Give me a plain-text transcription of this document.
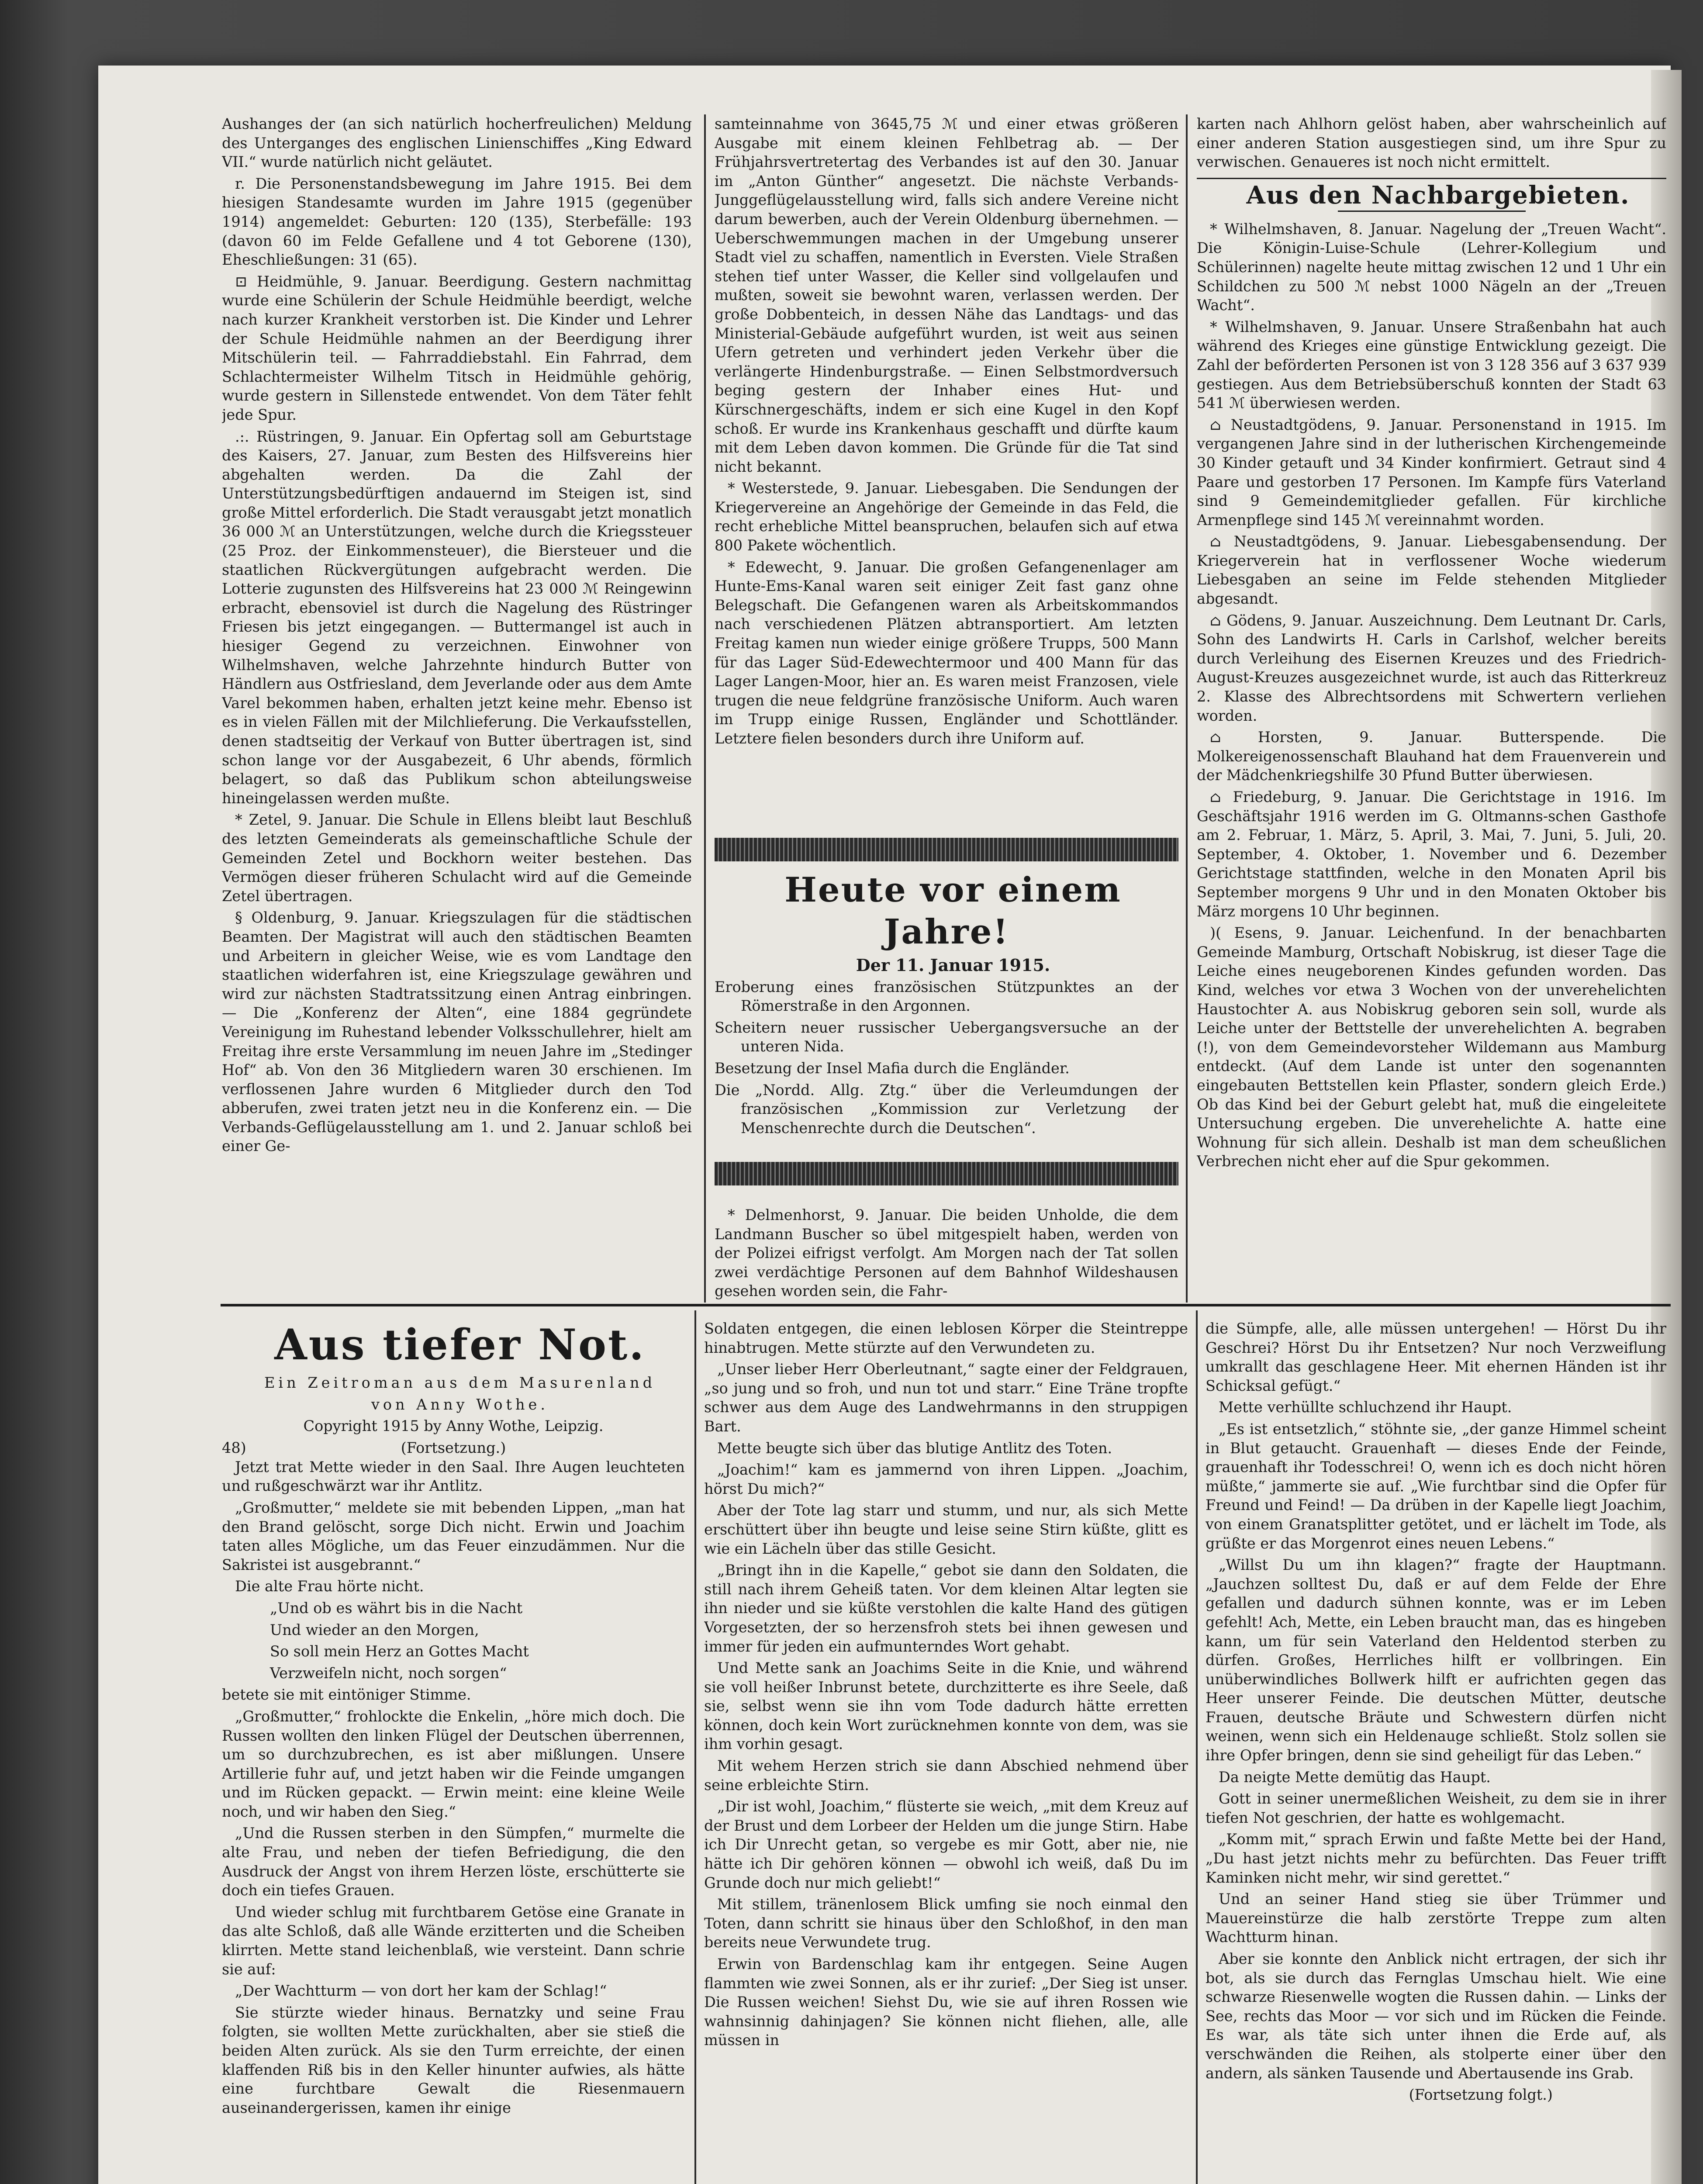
Aushanges der (an sich natürlich hocherfreulichen) Meldung des Unterganges des englischen Linienschiffes „King Edward VII.“ wurde natürlich nicht geläutet.

r. Die Personenstandsbewegung im Jahre 1915. Bei dem hiesigen Standesamte wurden im Jahre 1915 (gegenüber 1914) angemeldet: Geburten: 120 (135), Sterbefälle: 193 (davon 60 im Felde Gefallene und 4 tot Geborene (130), Eheschließungen: 31 (65).

⊡ Heidmühle, 9. Januar. Beerdigung. Gestern nachmittag wurde eine Schülerin der Schule Heidmühle beerdigt, welche nach kurzer Krankheit verstorben ist. Die Kinder und Lehrer der Schule Heidmühle nahmen an der Beerdigung ihrer Mitschülerin teil. — Fahrraddiebstahl. Ein Fahrrad, dem Schlachtermeister Wilhelm Titsch in Heidmühle gehörig, wurde gestern in Sillenstede entwendet. Von dem Täter fehlt jede Spur.

.:. Rüstringen, 9. Januar. Ein Opfertag soll am Geburtstage des Kaisers, 27. Januar, zum Besten des Hilfsvereins hier abgehalten werden. Da die Zahl der Unterstützungsbedürftigen andauernd im Steigen ist, sind große Mittel erforderlich. Die Stadt verausgabt jetzt monatlich 36 000 ℳ an Unterstützungen, welche durch die Kriegssteuer (25 Proz. der Einkommensteuer), die Biersteuer und die staatlichen Rückvergütungen aufgebracht werden. Die Lotterie zugunsten des Hilfsvereins hat 23 000 ℳ Reingewinn erbracht, ebensoviel ist durch die Nagelung des Rüstringer Friesen bis jetzt eingegangen. — Buttermangel ist auch in hiesiger Gegend zu verzeichnen. Einwohner von Wilhelmshaven, welche Jahrzehnte hindurch Butter von Händlern aus Ostfriesland, dem Jeverlande oder aus dem Amte Varel bekommen haben, erhalten jetzt keine mehr. Ebenso ist es in vielen Fällen mit der Milchlieferung. Die Verkaufsstellen, denen stadtseitig der Verkauf von Butter übertragen ist, sind schon lange vor der Ausgabezeit, 6 Uhr abends, förmlich belagert, so daß das Publikum schon abteilungsweise hineingelassen werden mußte.

* Zetel, 9. Januar. Die Schule in Ellens bleibt laut Beschluß des letzten Gemeinderats als gemeinschaftliche Schule der Gemeinden Zetel und Bockhorn weiter bestehen. Das Vermögen dieser früheren Schulacht wird auf die Gemeinde Zetel übertragen.

§ Oldenburg, 9. Januar. Kriegszulagen für die städtischen Beamten. Der Magistrat will auch den städtischen Beamten und Arbeitern in gleicher Weise, wie es vom Landtage den staatlichen widerfahren ist, eine Kriegszulage gewähren und wird zur nächsten Stadtratssitzung einen Antrag einbringen. — Die „Konferenz der Alten“, eine 1884 gegründete Vereinigung im Ruhestand lebender Volksschullehrer, hielt am Freitag ihre erste Versammlung im neuen Jahre im „Stedinger Hof“ ab. Von den 36 Mitgliedern waren 30 erschienen. Im verflossenen Jahre wurden 6 Mitglieder durch den Tod abberufen, zwei traten jetzt neu in die Konferenz ein. — Die Verbands-Geflügelausstellung am 1. und 2. Januar schloß bei einer Ge-

samteinnahme von 3645,75 ℳ und einer etwas größeren Ausgabe mit einem kleinen Fehlbetrag ab. — Der Frühjahrsvertretertag des Verbandes ist auf den 30. Januar im „Anton Günther“ angesetzt. Die nächste Verbands-Junggeflügelausstellung wird, falls sich andere Vereine nicht darum bewerben, auch der Verein Oldenburg übernehmen. — Ueberschwemmungen machen in der Umgebung unserer Stadt viel zu schaffen, namentlich in Eversten. Viele Straßen stehen tief unter Wasser, die Keller sind vollgelaufen und mußten, soweit sie bewohnt waren, verlassen werden. Der große Dobbenteich, in dessen Nähe das Landtags- und das Ministerial-Gebäude aufgeführt wurden, ist weit aus seinen Ufern getreten und verhindert jeden Verkehr über die verlängerte Hindenburgstraße. — Einen Selbstmordversuch beging gestern der Inhaber eines Hut- und Kürschnergeschäfts, indem er sich eine Kugel in den Kopf schoß. Er wurde ins Krankenhaus geschafft und dürfte kaum mit dem Leben davon kommen. Die Gründe für die Tat sind nicht bekannt.

* Westerstede, 9. Januar. Liebesgaben. Die Sendungen der Kriegervereine an Angehörige der Gemeinde in das Feld, die recht erhebliche Mittel beanspruchen, belaufen sich auf etwa 800 Pakete wöchentlich.

* Edewecht, 9. Januar. Die großen Gefangenenlager am Hunte-Ems-Kanal waren seit einiger Zeit fast ganz ohne Belegschaft. Die Gefangenen waren als Arbeitskommandos nach verschiedenen Plätzen abtransportiert. Am letzten Freitag kamen nun wieder einige größere Trupps, 500 Mann für das Lager Süd-Edewechtermoor und 400 Mann für das Lager Langen-Moor, hier an. Es waren meist Franzosen, viele trugen die neue feldgrüne französische Uniform. Auch waren im Trupp einige Russen, Engländer und Schottländer. Letztere fielen besonders durch ihre Uniform auf.

Heute vor einem Jahre!

Der 11. Januar 1915.

Eroberung eines französischen Stützpunktes an der Römerstraße in den Argonnen.

Scheitern neuer russischer Uebergangsversuche an der unteren Nida.

Besetzung der Insel Mafia durch die Engländer.

Die „Nordd. Allg. Ztg.“ über die Verleumdungen der französischen „Kommission zur Verletzung der Menschenrechte durch die Deutschen“.

* Delmenhorst, 9. Januar. Die beiden Unholde, die dem Landmann Buscher so übel mitgespielt haben, werden von der Polizei eifrigst verfolgt. Am Morgen nach der Tat sollen zwei verdächtige Personen auf dem Bahnhof Wildeshausen gesehen worden sein, die Fahr-

karten nach Ahlhorn gelöst haben, aber wahrscheinlich auf einer anderen Station ausgestiegen sind, um ihre Spur zu verwischen. Genaueres ist noch nicht ermittelt.

Aus den Nachbargebieten.

* Wilhelmshaven, 8. Januar. Nagelung der „Treuen Wacht“. Die Königin-Luise-Schule (Lehrer-Kollegium und Schülerinnen) nagelte heute mittag zwischen 12 und 1 Uhr ein Schildchen zu 500 ℳ nebst 1000 Nägeln an der „Treuen Wacht“.

* Wilhelmshaven, 9. Januar. Unsere Straßenbahn hat auch während des Krieges eine günstige Entwicklung gezeigt. Die Zahl der beförderten Personen ist von 3 128 356 auf 3 637 939 gestiegen. Aus dem Betriebsüberschuß konnten der Stadt 63 541 ℳ überwiesen werden.

⌂ Neustadtgödens, 9. Januar. Personenstand in 1915. Im vergangenen Jahre sind in der lutherischen Kirchengemeinde 30 Kinder getauft und 34 Kinder konfirmiert. Getraut sind 4 Paare und gestorben 17 Personen. Im Kampfe fürs Vaterland sind 9 Gemeindemitglieder gefallen. Für kirchliche Armenpflege sind 145 ℳ vereinnahmt worden.

⌂ Neustadtgödens, 9. Januar. Liebesgabensendung. Der Kriegerverein hat in verflossener Woche wiederum Liebesgaben an seine im Felde stehenden Mitglieder abgesandt.

⌂ Gödens, 9. Januar. Auszeichnung. Dem Leutnant Dr. Carls, Sohn des Landwirts H. Carls in Carlshof, welcher bereits durch Verleihung des Eisernen Kreuzes und des Friedrich-August-Kreuzes ausgezeichnet wurde, ist auch das Ritterkreuz 2. Klasse des Albrechtsordens mit Schwertern verliehen worden.

⌂ Horsten, 9. Januar. Butterspende. Die Molkereigenossenschaft Blauhand hat dem Frauenverein und der Mädchenkriegshilfe 30 Pfund Butter überwiesen.

⌂ Friedeburg, 9. Januar. Die Gerichtstage in 1916. Im Geschäftsjahr 1916 werden im G. Oltmanns-schen Gasthofe am 2. Februar, 1. März, 5. April, 3. Mai, 7. Juni, 5. Juli, 20. September, 4. Oktober, 1. November und 6. Dezember Gerichtstage stattfinden, welche in den Monaten April bis September morgens 9 Uhr und in den Monaten Oktober bis März morgens 10 Uhr beginnen.

)( Esens, 9. Januar. Leichenfund. In der benachbarten Gemeinde Mamburg, Ortschaft Nobiskrug, ist dieser Tage die Leiche eines neugeborenen Kindes gefunden worden. Das Kind, welches vor etwa 3 Wochen von der unverehelichten Haustochter A. aus Nobiskrug geboren sein soll, wurde als Leiche unter der Bettstelle der unverehelichten A. begraben (!), von dem Gemeindevorsteher Wildemann aus Mamburg entdeckt. (Auf dem Lande ist unter den sogenannten eingebauten Bettstellen kein Pflaster, sondern gleich Erde.) Ob das Kind bei der Geburt gelebt hat, muß die eingeleitete Untersuchung ergeben. Die unverehelichte A. hatte eine Wohnung für sich allein. Deshalb ist man dem scheußlichen Verbrechen nicht eher auf die Spur gekommen.

Aus tiefer Not.

Ein Zeitroman aus dem Masurenland

von Anny Wothe.

Copyright 1915 by Anny Wothe, Leipzig.

48)	(Fortsetzung.)

Jetzt trat Mette wieder in den Saal. Ihre Augen leuchteten und rußgeschwärzt war ihr Antlitz.

„Großmutter,“ meldete sie mit bebenden Lippen, „man hat den Brand gelöscht, sorge Dich nicht. Erwin und Joachim taten alles Mögliche, um das Feuer einzudämmen. Nur die Sakristei ist ausgebrannt.“

Die alte Frau hörte nicht.

„Und ob es währt bis in die Nacht

Und wieder an den Morgen,

So soll mein Herz an Gottes Macht

Verzweifeln nicht, noch sorgen“

betete sie mit eintöniger Stimme.

„Großmutter,“ frohlockte die Enkelin, „höre mich doch. Die Russen wollten den linken Flügel der Deutschen überrennen, um so durchzubrechen, es ist aber mißlungen. Unsere Artillerie fuhr auf, und jetzt haben wir die Feinde umgangen und im Rücken gepackt. — Erwin meint: eine kleine Weile noch, und wir haben den Sieg.“

„Und die Russen sterben in den Sümpfen,“ murmelte die alte Frau, und neben der tiefen Befriedigung, die den Ausdruck der Angst von ihrem Herzen löste, erschütterte sie doch ein tiefes Grauen.

Und wieder schlug mit furchtbarem Getöse eine Granate in das alte Schloß, daß alle Wände erzitterten und die Scheiben klirrten. Mette stand leichenblaß, wie versteint. Dann schrie sie auf:

„Der Wachtturm — von dort her kam der Schlag!“

Sie stürzte wieder hinaus. Bernatzky und seine Frau folgten, sie wollten Mette zurückhalten, aber sie stieß die beiden Alten zurück. Als sie den Turm erreichte, der einen klaffenden Riß bis in den Keller hinunter aufwies, als hätte eine furchtbare Gewalt die Riesenmauern auseinandergerissen, kamen ihr einige

Soldaten entgegen, die einen leblosen Körper die Steintreppe hinabtrugen. Mette stürzte auf den Verwundeten zu.

„Unser lieber Herr Oberleutnant,“ sagte einer der Feldgrauen, „so jung und so froh, und nun tot und starr.“ Eine Träne tropfte schwer aus dem Auge des Landwehrmanns in den struppigen Bart.

Mette beugte sich über das blutige Antlitz des Toten.

„Joachim!“ kam es jammernd von ihren Lippen. „Joachim, hörst Du mich?“

Aber der Tote lag starr und stumm, und nur, als sich Mette erschüttert über ihn beugte und leise seine Stirn küßte, glitt es wie ein Lächeln über das stille Gesicht.

„Bringt ihn in die Kapelle,“ gebot sie dann den Soldaten, die still nach ihrem Geheiß taten. Vor dem kleinen Altar legten sie ihn nieder und sie küßte verstohlen die kalte Hand des gütigen Vorgesetzten, der so herzensfroh stets bei ihnen gewesen und immer für jeden ein aufmunterndes Wort gehabt.

Und Mette sank an Joachims Seite in die Knie, und während sie voll heißer Inbrunst betete, durchzitterte es ihre Seele, daß sie, selbst wenn sie ihn vom Tode dadurch hätte erretten können, doch kein Wort zurücknehmen konnte von dem, was sie ihm vorhin gesagt.

Mit wehem Herzen strich sie dann Abschied nehmend über seine erbleichte Stirn.

„Dir ist wohl, Joachim,“ flüsterte sie weich, „mit dem Kreuz auf der Brust und dem Lorbeer der Helden um die junge Stirn. Habe ich Dir Unrecht getan, so vergebe es mir Gott, aber nie, nie hätte ich Dir gehören können — obwohl ich weiß, daß Du im Grunde doch nur mich geliebt!“

Mit stillem, tränenlosem Blick umfing sie noch einmal den Toten, dann schritt sie hinaus über den Schloßhof, in den man bereits neue Verwundete trug.

Erwin von Bardenschlag kam ihr entgegen. Seine Augen flammten wie zwei Sonnen, als er ihr zurief: „Der Sieg ist unser. Die Russen weichen! Siehst Du, wie sie auf ihren Rossen wie wahnsinnig dahinjagen? Sie können nicht fliehen, alle, alle müssen in

die Sümpfe, alle, alle müssen untergehen! — Hörst Du ihr Geschrei? Hörst Du ihr Entsetzen? Nur noch Verzweiflung umkrallt das geschlagene Heer. Mit ehernen Händen ist ihr Schicksal gefügt.“

Mette verhüllte schluchzend ihr Haupt.

„Es ist entsetzlich,“ stöhnte sie, „der ganze Himmel scheint in Blut getaucht. Grauenhaft — dieses Ende der Feinde, grauenhaft ihr Todesschrei! O, wenn ich es doch nicht hören müßte,“ jammerte sie auf. „Wie furchtbar sind die Opfer für Freund und Feind! — Da drüben in der Kapelle liegt Joachim, von einem Granatsplitter getötet, und er lächelt im Tode, als grüßte er das Morgenrot eines neuen Lebens.“

„Willst Du um ihn klagen?“ fragte der Hauptmann. „Jauchzen solltest Du, daß er auf dem Felde der Ehre gefallen und dadurch sühnen konnte, was er im Leben gefehlt! Ach, Mette, ein Leben braucht man, das es hingeben kann, um für sein Vaterland den Heldentod sterben zu dürfen. Großes, Herrliches hilft er vollbringen. Ein unüberwindliches Bollwerk hilft er aufrichten gegen das Heer unserer Feinde. Die deutschen Mütter, deutsche Frauen, deutsche Bräute und Schwestern dürfen nicht weinen, wenn sich ein Heldenauge schließt. Stolz sollen sie ihre Opfer bringen, denn sie sind geheiligt für das Leben.“

Da neigte Mette demütig das Haupt.

Gott in seiner unermeßlichen Weisheit, zu dem sie in ihrer tiefen Not geschrien, der hatte es wohlgemacht.

„Komm mit,“ sprach Erwin und faßte Mette bei der Hand, „Du hast jetzt nichts mehr zu befürchten. Das Feuer trifft Kaminken nicht mehr, wir sind gerettet.“

Und an seiner Hand stieg sie über Trümmer und Mauereinstürze die halb zerstörte Treppe zum alten Wachtturm hinan.

Aber sie konnte den Anblick nicht ertragen, der sich ihr bot, als sie durch das Fernglas Umschau hielt. Wie eine schwarze Riesenwelle wogten die Russen dahin. — Links der See, rechts das Moor — vor sich und im Rücken die Feinde. Es war, als täte sich unter ihnen die Erde auf, als verschwänden die Reihen, als stolperte einer über den andern, als sänken Tausende und Abertausende ins Grab.

(Fortsetzung folgt.)
